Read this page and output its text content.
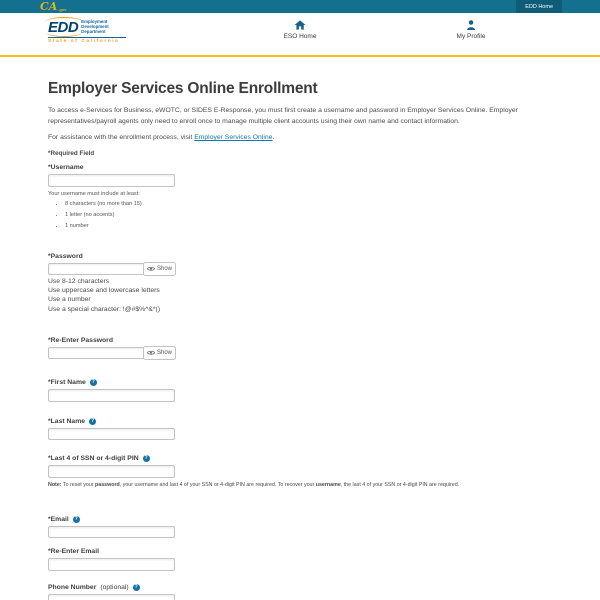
CA .gov	EDD Home
EDD Employment
Development
Department
State of California
ESO Home	My Profile
Employer Services Online Enrollment

To access e-Services for Business, eWOTC, or SIDES E-Response, you must first create a username and password in Employer Services Online. Employer representatives/payroll agents only need to enroll once to manage multiple client accounts using their own name and contact information.

For assistance with the enrollment process, visit Employer Services Online.

*Required Field
*Username
Your username must include at least:
• 8 characters (no more than 15)
• 1 letter (no accents)
• 1 number
*Password
Show
Use 8-12 characters
Use uppercase and lowercase letters
Use a number
Use a special character: !@#$%^&*()
*Re-Enter Password
Show
*First Name	?
*Last Name	?
*Last 4 of SSN or 4-digit PIN	?
Note: To reset your password, your username and last 4 of your SSN or 4-digit PIN are required. To recover your username, the last 4 of your SSN or 4-digit PIN are required.
*Email	?
*Re-Enter Email
Phone Number (optional)	?
